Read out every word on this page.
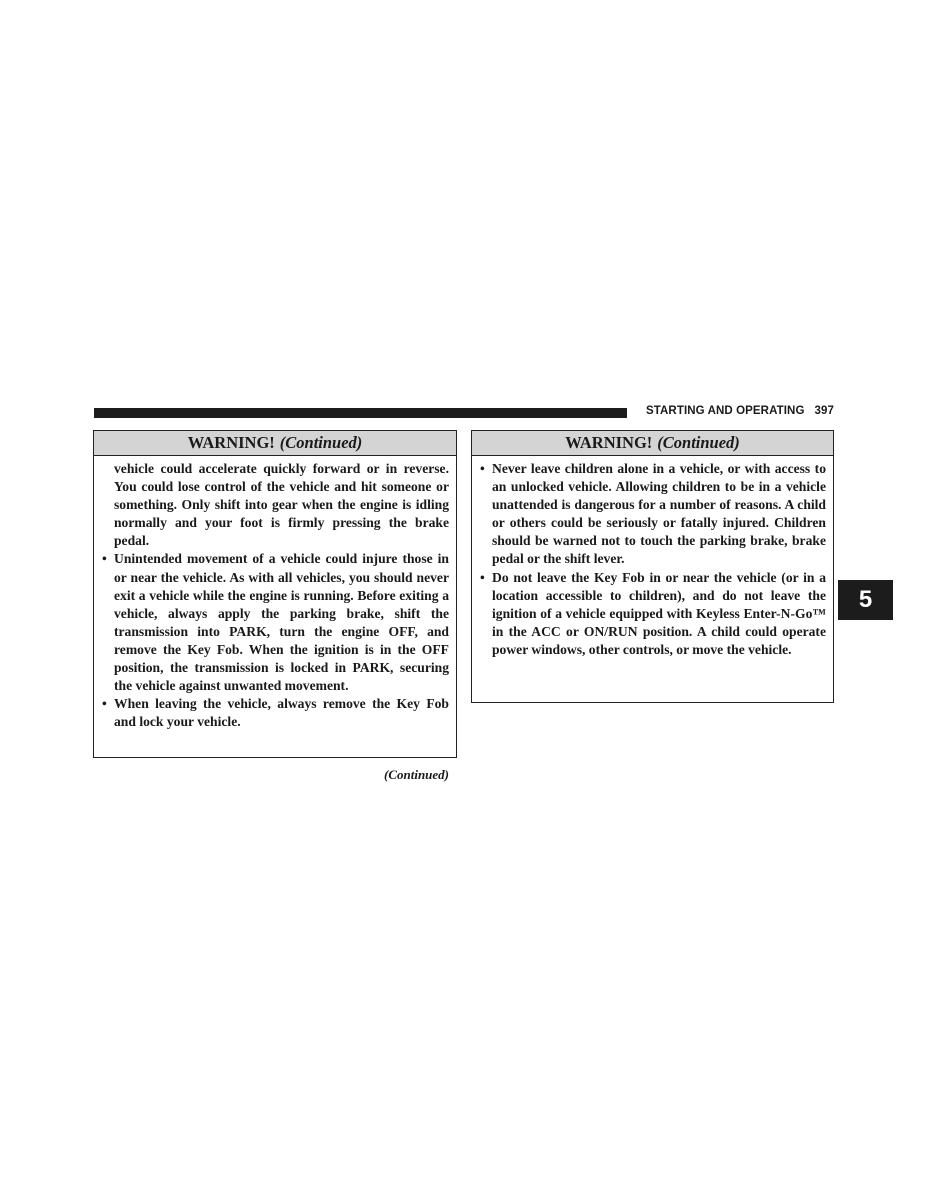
STARTING AND OPERATING 397
5
WARNING! (Continued)

vehicle could accelerate quickly forward or in reverse. You could lose control of the vehicle and hit someone or something. Only shift into gear when the engine is idling normally and your foot is firmly pressing the brake pedal.

• Unintended movement of a vehicle could injure those in or near the vehicle. As with all vehicles, you should never exit a vehicle while the engine is running. Before exiting a vehicle, always apply the parking brake, shift the transmission into PARK, turn the engine OFF, and remove the Key Fob. When the ignition is in the OFF position, the transmission is locked in PARK, securing the vehicle against unwanted movement.
• When leaving the vehicle, always remove the Key Fob and lock your vehicle.
(Continued)
WARNING! (Continued)
• Never leave children alone in a vehicle, or with access to an unlocked vehicle. Allowing children to be in a vehicle unattended is dangerous for a number of reasons. A child or others could be seriously or fatally injured. Children should be warned not to touch the parking brake, brake pedal or the shift lever.
• Do not leave the Key Fob in or near the vehicle (or in a location accessible to children), and do not leave the ignition of a vehicle equipped with Keyless Enter-N-Go™ in the ACC or ON/RUN position. A child could operate power windows, other controls, or move the vehicle.
